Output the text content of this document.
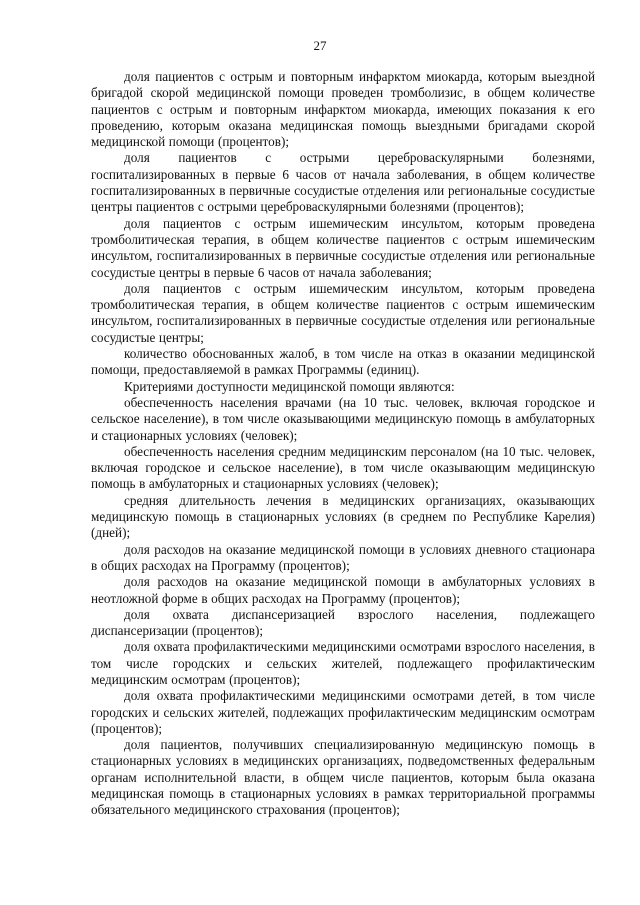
27

доля пациентов с острым и повторным инфарктом миокарда, которым выездной бригадой скорой медицинской помощи проведен тромболизис, в общем количестве пациентов с острым и повторным инфарктом миокарда, имеющих показания к его проведению, которым оказана медицинская помощь выездными бригадами скорой медицинской помощи (процентов);

доля пациентов с острыми цереброваскулярными болезнями, госпитализированных в первые 6 часов от начала заболевания, в общем количестве госпитализированных в первичные сосудистые отделения или региональные сосудистые центры пациентов с острыми цереброваскулярными болезнями (процентов);

доля пациентов с острым ишемическим инсультом, которым проведена тромболитическая терапия, в общем количестве пациентов с острым ишемическим инсультом, госпитализированных в первичные сосудистые отделения или региональные сосудистые центры в первые 6 часов от начала заболевания;

доля пациентов с острым ишемическим инсультом, которым проведена тромболитическая терапия, в общем количестве пациентов с острым ишемическим инсультом, госпитализированных в первичные сосудистые отделения или региональные сосудистые центры;

количество обоснованных жалоб, в том числе на отказ в оказании медицинской помощи, предоставляемой в рамках Программы (единиц).

Критериями доступности медицинской помощи являются:

обеспеченность населения врачами (на 10 тыс. человек, включая городское и сельское население), в том числе оказывающими медицинскую помощь в амбулаторных и стационарных условиях (человек);

обеспеченность населения средним медицинским персоналом (на 10 тыс. человек, включая городское и сельское население), в том числе оказывающим медицинскую помощь в амбулаторных и стационарных условиях (человек);

средняя длительность лечения в медицинских организациях, оказывающих медицинскую помощь в стационарных условиях (в среднем по Республике Карелия) (дней);

доля расходов на оказание медицинской помощи в условиях дневного стационара в общих расходах на Программу (процентов);

доля расходов на оказание медицинской помощи в амбулаторных условиях в неотложной форме в общих расходах на Программу (процентов);

доля охвата диспансеризацией взрослого населения, подлежащего диспансеризации (процентов);

доля охвата профилактическими медицинскими осмотрами взрослого населения, в том числе городских и сельских жителей, подлежащего профилактическим медицинским осмотрам (процентов);

доля охвата профилактическими медицинскими осмотрами детей, в том числе городских и сельских жителей, подлежащих профилактическим медицинским осмотрам (процентов);

доля пациентов, получивших специализированную медицинскую помощь в стационарных условиях в медицинских организациях, подведомственных федеральным органам исполнительной власти, в общем числе пациентов, которым была оказана медицинская помощь в стационарных условиях в рамках территориальной программы обязательного медицинского страхования (процентов);
